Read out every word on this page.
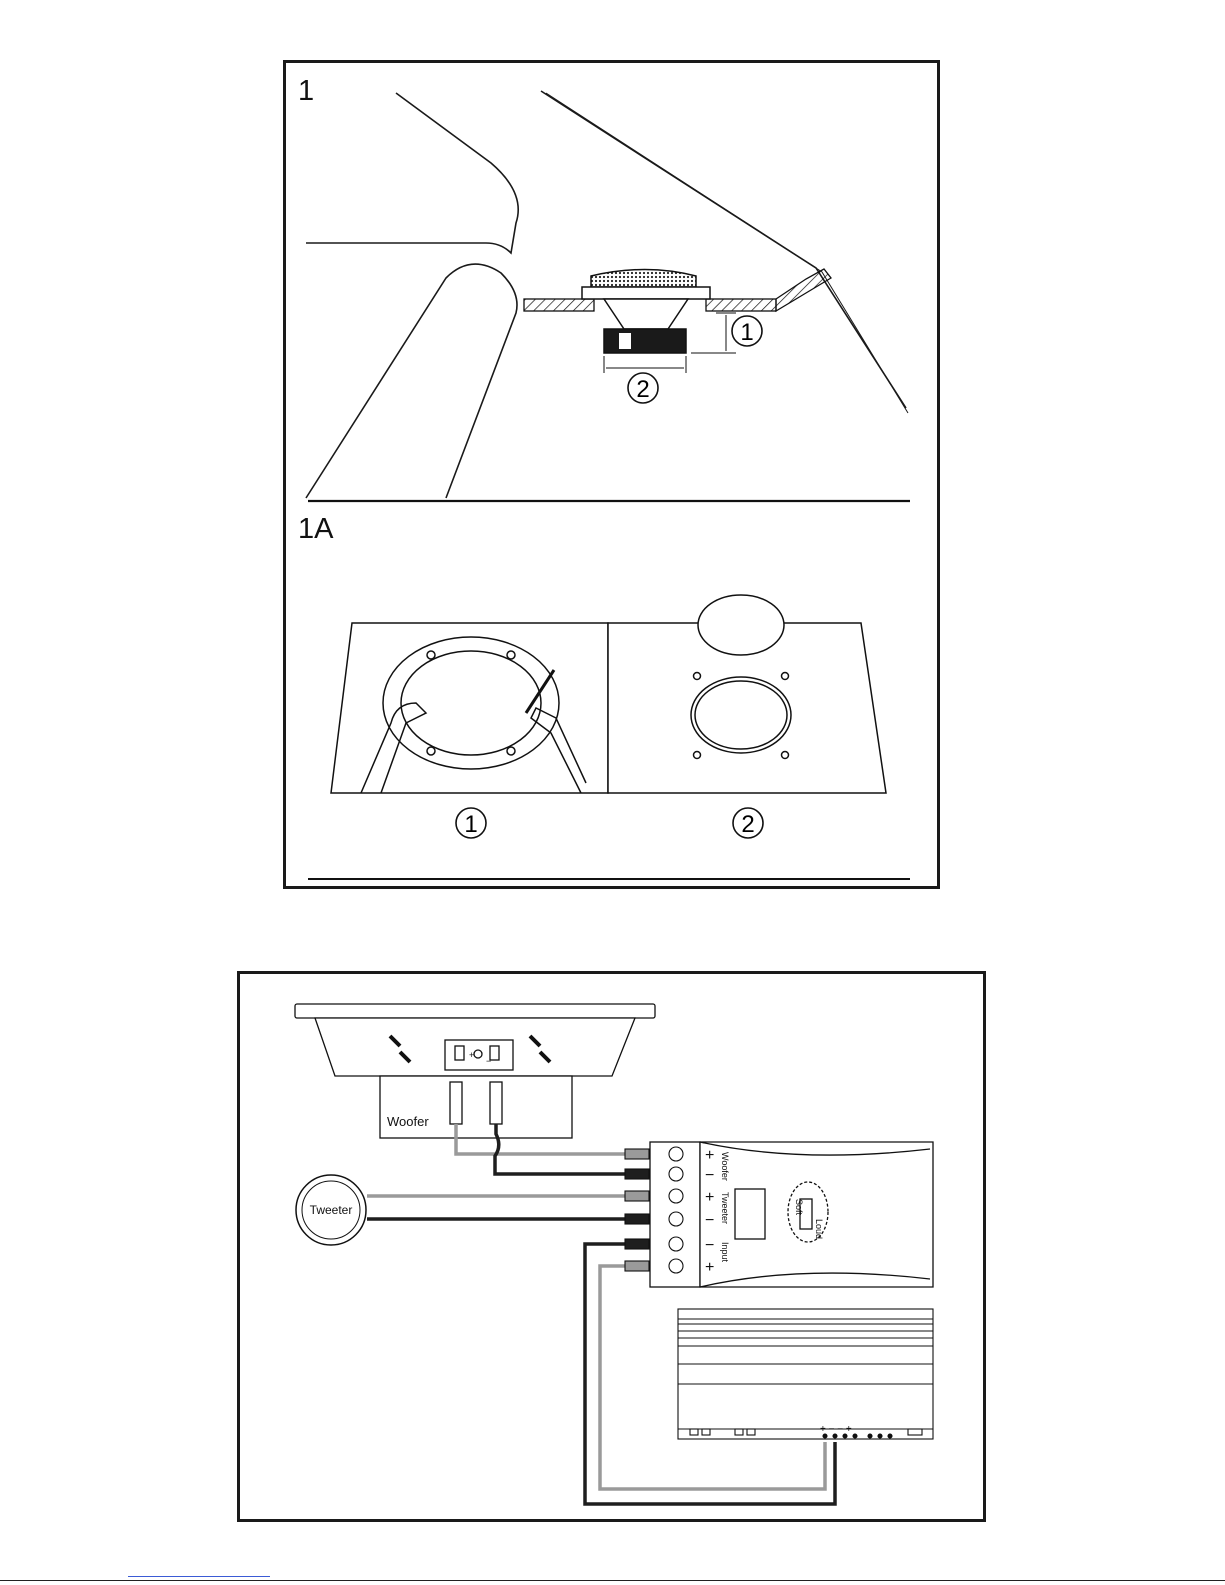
1
2
1	2
1
1A
Woofer
+
−
Tweeter
+
−
+
−
−
+
Woofer
Tweeter
Input
Soft
Loud
+ − − +
